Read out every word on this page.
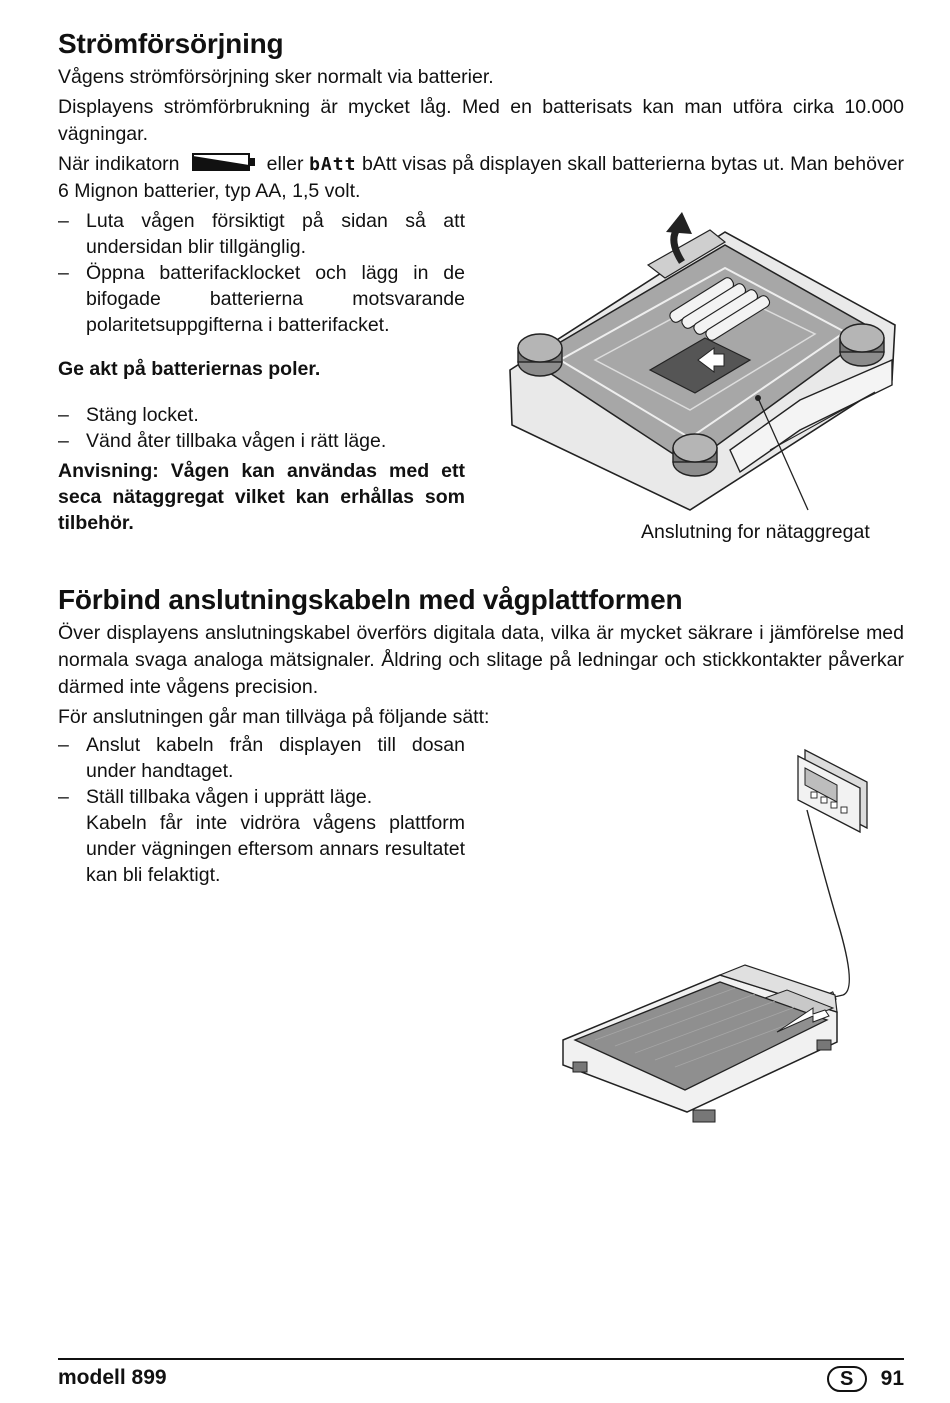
Strömförsörjning
Vågens strömförsörjning sker normalt via batterier.
Displayens strömförbrukning är mycket låg. Med en batterisats kan man utföra cirka 10.000 vägningar.
När indikatorn	eller bAtt bAtt visas på displayen skall batterierna bytas ut. Man behöver 6 Mignon batterier, typ AA, 1,5 volt.
– Luta vågen försiktigt på sidan så att undersidan blir tillgänglig.
– Öppna batterifacklocket och lägg in de bifogade batterierna motsvarande polaritetsuppgifterna i batterifacket.
Ge akt på batteriernas poler.
– Stäng locket.
– Vänd åter tillbaka vågen i rätt läge.
Anvisning: Vågen kan användas med ett seca nätaggregat vilket kan erhållas som tilbehör.	Anslutning for nätaggregat
Förbind anslutningskabeln med vågplattformen
Över displayens anslutningskabel överförs digitala data, vilka är mycket säkrare i jämförelse med normala svaga analoga mätsignaler. Åldring och slitage på ledningar och stickkontakter påverkar därmed inte vågens precision.
För anslutningen går man tillväga på följande sätt:
– Anslut kabeln från displayen till dosan under handtaget.
– Ställ tillbaka vågen i upprätt läge.
Kabeln får inte vidröra vågens plattform under vägningen eftersom annars resultatet kan bli felaktigt.
modell 899	S	91
